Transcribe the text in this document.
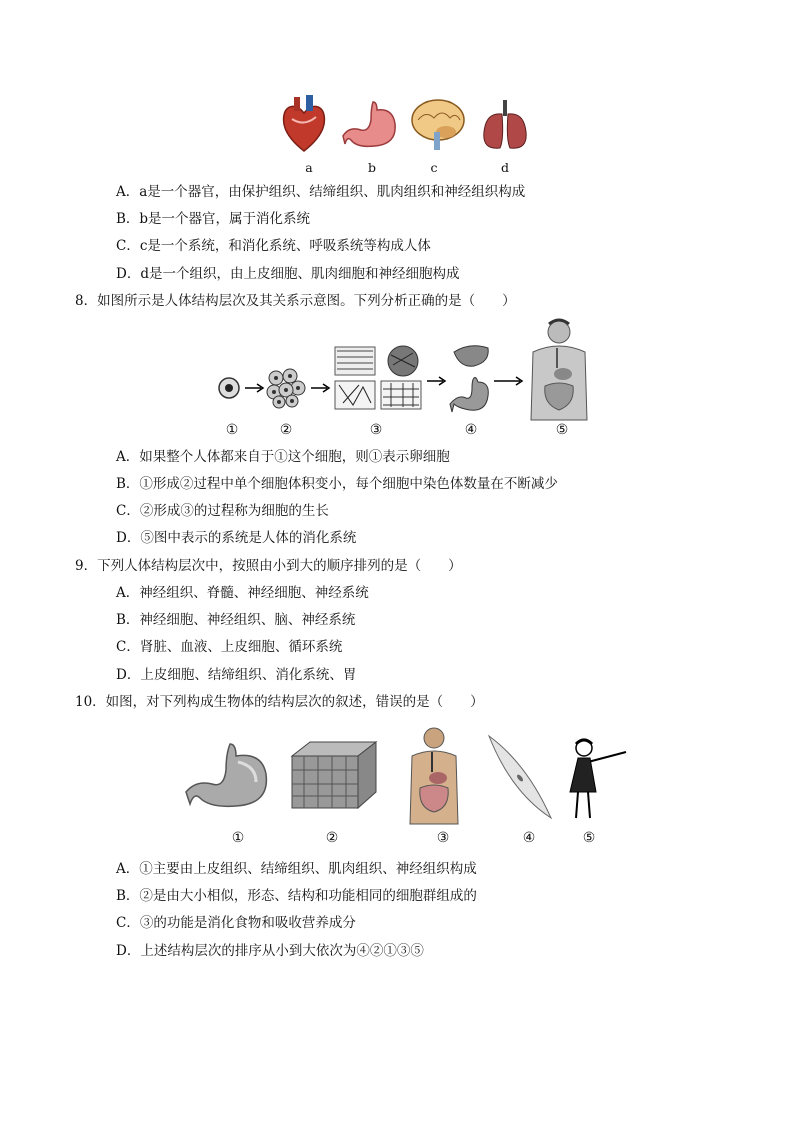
a	b	c	d
A．a是一个器官，由保护组织、结缔组织、肌肉组织和神经组织构成
B．b是一个器官，属于消化系统
C．c是一个系统，和消化系统、呼吸系统等构成人体
D．d是一个组织，由上皮细胞、肌肉细胞和神经细胞构成
8．如图所示是人体结构层次及其关系示意图。下列分析正确的是（　　）
①	②	③	④	⑤
A．如果整个人体都来自于①这个细胞，则①表示卵细胞
B．①形成②过程中单个细胞体积变小，每个细胞中染色体数量在不断减少
C．②形成③的过程称为细胞的生长
D．⑤图中表示的系统是人体的消化系统
9．下列人体结构层次中，按照由小到大的顺序排列的是（　　）
A．神经组织、脊髓、神经细胞、神经系统
B．神经细胞、神经组织、脑、神经系统
C．肾脏、血液、上皮细胞、循环系统
D．上皮细胞、结缔组织、消化系统、胃
10．如图，对下列构成生物体的结构层次的叙述，错误的是（　　）
①	②	③	④	⑤
A．①主要由上皮组织、结缔组织、肌肉组织、神经组织构成
B．②是由大小相似，形态、结构和功能相同的细胞群组成的
C．③的功能是消化食物和吸收营养成分
D．上述结构层次的排序从小到大依次为④②①③⑤
